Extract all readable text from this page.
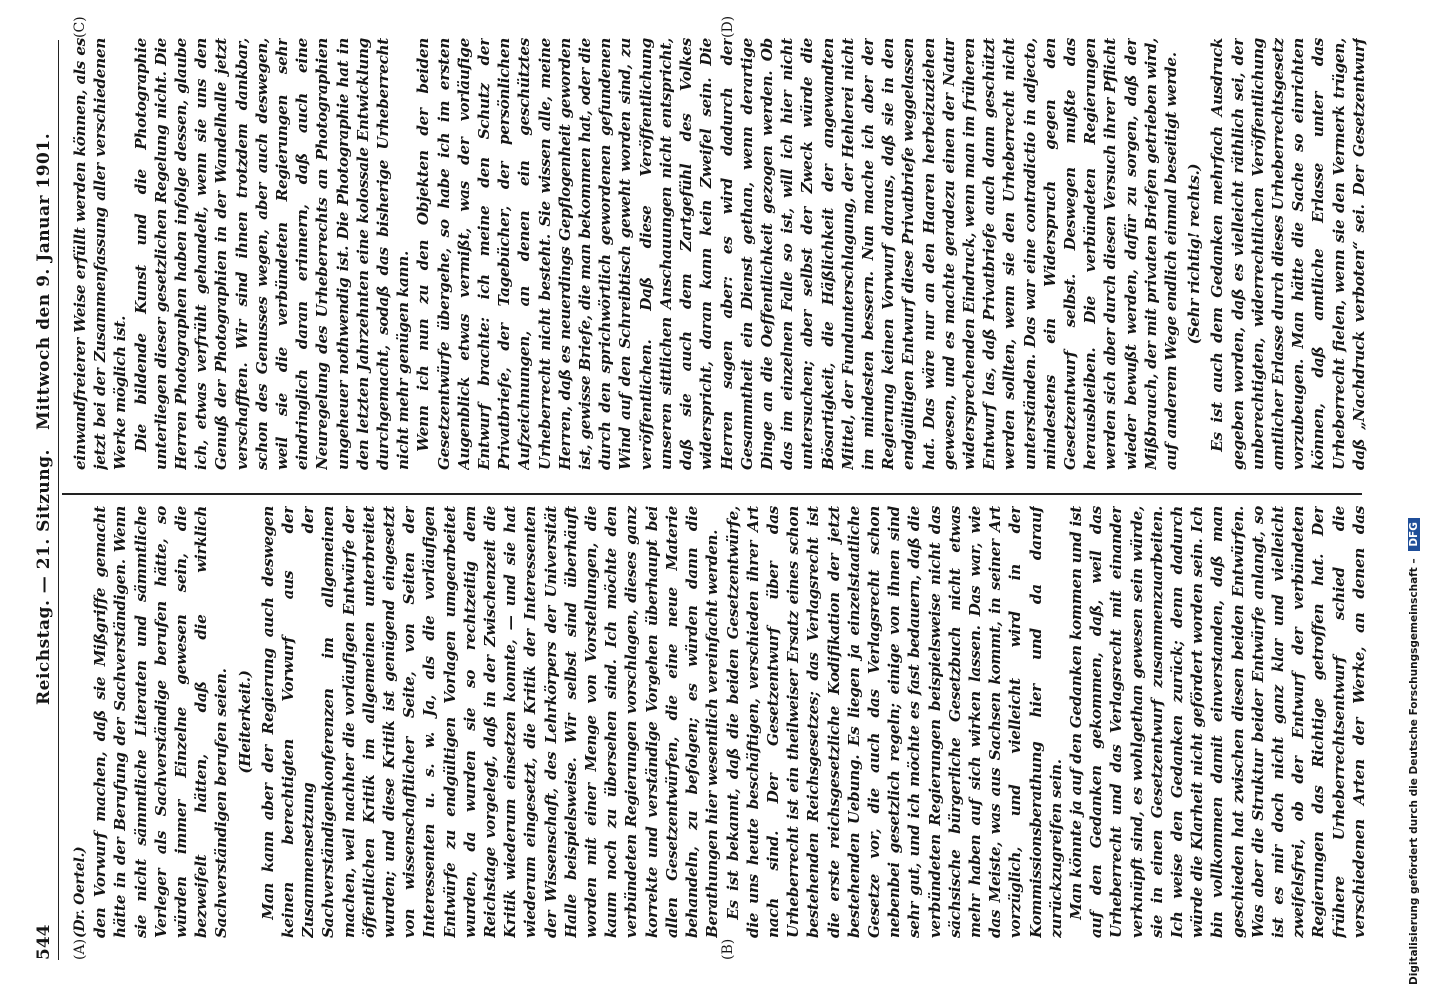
544
Reichstag. — 21. Sitzung.
Mittwoch den 9. Januar 1901.
(A)	(B)
(C)	(D)

(Dr. Oertel.) den Vorwurf machen, daß sie Mißgriffe gemacht hätte in der Berufung der Sachverständigen. Wenn sie nicht sämmtliche Literaten und sämmtliche Verleger als Sachverständige berufen hätte, so würden immer Einzelne gewesen sein, die bezweifelt hätten, daß die wirklich Sachverständigen berufen seien. (Heiterkeit.) Man kann aber der Regierung auch deswegen keinen berechtigten Vorwurf aus der Zusammensetzung der Sachverständigenkonferenzen im allgemeinen machen, weil nachher die vorläufigen Entwürfe der öffentlichen Kritik im allgemeinen unterbreitet wurden; und diese Kritik ist genügend eingesetzt von wissenschaftlicher Seite, von Seiten der Interessenten u. s. w. Ja, als die vorläufigen Entwürfe zu endgültigen Vorlagen umgearbeitet wurden, da wurden sie so rechtzeitig dem Reichstage vorgelegt, daß in der Zwischenzeit die Kritik wiederum einsetzen konnte, — und sie hat wiederum eingesetzt, die Kritik der Interessenten der Wissenschaft, des Lehrkörpers der Universität Halle beispielsweise. Wir selbst sind überhäuft worden mit einer Menge von Vorstellungen, die kaum noch zu übersehen sind. Ich möchte den verbündeten Regierungen vorschlagen, dieses ganz korrekte und verständige Vorgehen überhaupt bei allen Gesetzentwürfen, die eine neue Materie behandeln, zu befolgen; es würden dann die Berathungen hier wesentlich vereinfacht werden. Es ist bekannt, daß die beiden Gesetzentwürfe, die uns heute beschäftigen, verschieden ihrer Art nach sind. Der Gesetzentwurf über das Urheberrecht ist ein theilweiser Ersatz eines schon bestehenden Reichsgesetzes; das Verlagsrecht ist die erste reichsgesetzliche Kodifikation der jetzt bestehenden Uebung. Es liegen ja einzelstaatliche Gesetze vor, die auch das Verlagsrecht schon nebenbei gesetzlich regeln; einige von ihnen sind sehr gut, und ich möchte es fast bedauern, daß die verbündeten Regierungen beispielsweise nicht das sächsische bürgerliche Gesetzbuch nicht etwas mehr haben auf sich wirken lassen. Das war, wie das Meiste, was aus Sachsen kommt, in seiner Art vorzüglich, und vielleicht wird in der Kommissionsberathung hier und da darauf zurückzugreifen sein. Man könnte ja auf den Gedanken kommen und ist auf den Gedanken gekommen, daß, weil das Urheberrecht und das Verlagsrecht mit einander verknüpft sind, es wohlgethan gewesen sein würde, sie in einen Gesetzentwurf zusammenzuarbeiten. Ich weise den Gedanken zurück; denn dadurch würde die Klarheit nicht gefördert worden sein. Ich bin vollkommen damit einverstanden, daß man geschieden hat zwischen diesen beiden Entwürfen. Was aber die Struktur beider Entwürfe anlangt, so ist es mir doch nicht ganz klar und vielleicht zweifelsfrei, ob der Entwurf der verbündeten Regierungen das Richtige getroffen hat. Der frühere Urheberrechtsentwurf schied die verschiedenen Arten der Werke, an denen das

einwandfreierer Weise erfüllt werden können, als es jetzt bei der Zusammenfassung aller verschiedenen Werke möglich ist. Die bildende Kunst und die Photographie unterliegen dieser gesetzlichen Regelung nicht. Die Herren Photographen haben infolge dessen, glaube ich, etwas verfrüht gehandelt, wenn sie uns den Genuß der Photographien in der Wandelhalle jetzt verschafften. Wir sind ihnen trotzdem dankbar, schon des Genusses wegen, aber auch deswegen, weil sie die verbündeten Regierungen sehr eindringlich daran erinnern, daß auch eine Neuregelung des Urheberrechts an Photographien ungeheuer nothwendig ist. Die Photographie hat in den letzten Jahrzehnten eine kolossale Entwicklung durchgemacht, sodaß das bisherige Urheberrecht nicht mehr genügen kann. Wenn ich nun zu den Objekten der beiden Gesetzentwürfe übergehe, so habe ich im ersten Augenblick etwas vermißt, was der vorläufige Entwurf brachte: ich meine den Schutz der Privatbriefe, der Tagebücher, der persönlichen Aufzeichnungen, an denen ein geschütztes Urheberrecht nicht besteht. Sie wissen alle, meine Herren, daß es neuerdings Gepflogenheit geworden ist, gewisse Briefe, die man bekommen hat, oder die durch den sprichwörtlich gewordenen gefundenen Wind auf den Schreibtisch geweht worden sind, zu veröffentlichen. Daß diese Veröffentlichung unseren sittlichen Anschauungen nicht entspricht, daß sie auch dem Zartgefühl des Volkes widerspricht, daran kann kein Zweifel sein. Die Herren sagen aber: es wird dadurch der Gesammtheit ein Dienst gethan, wenn derartige Dinge an die Oeffentlichkeit gezogen werden. Ob das im einzelnen Falle so ist, will ich hier nicht untersuchen; aber selbst der Zweck würde die Bösartigkeit, die Häßlichkeit der angewandten Mittel, der Fundunterschlagung, der Hehlerei nicht im mindesten bessern. Nun mache ich aber der Regierung keinen Vorwurf daraus, daß sie in den endgültigen Entwurf diese Privatbriefe weggelassen hat. Das wäre nur an den Haaren herbeizuziehen gewesen, und es machte geradezu einen der Natur widersprechenden Eindruck, wenn man im früheren Entwurf las, daß Privatbriefe auch dann geschützt werden sollten, wenn sie den Urheberrecht nicht unterständen. Das war eine contradictio in adjecto, mindestens ein Widerspruch gegen den Gesetzentwurf selbst. Deswegen mußte das herausbleiben. Die verbündeten Regierungen werden sich aber durch diesen Versuch ihrer Pflicht wieder bewußt werden, dafür zu sorgen, daß der Mißbrauch, der mit privaten Briefen getrieben wird, auf anderem Wege endlich einmal beseitigt werde. (Sehr richtig! rechts.)

Es ist auch dem Gedanken mehrfach Ausdruck gegeben worden, daß es vielleicht räthlich sei, der unberechtigten, widerrechtlichen Veröffentlichung amtlicher Erlasse durch dieses Urheberrechtsgesetz vorzubeugen. Man hätte die Sache so einrichten können, daß amtliche Erlasse unter das Urheberrecht fielen, wenn sie den Vermerk trügen, daß „Nachdruck verboten“ sei. Der Gesetzentwurf

Digitalisierung gefördert durch die Deutsche Forschungsgemeinschaft – DFG
